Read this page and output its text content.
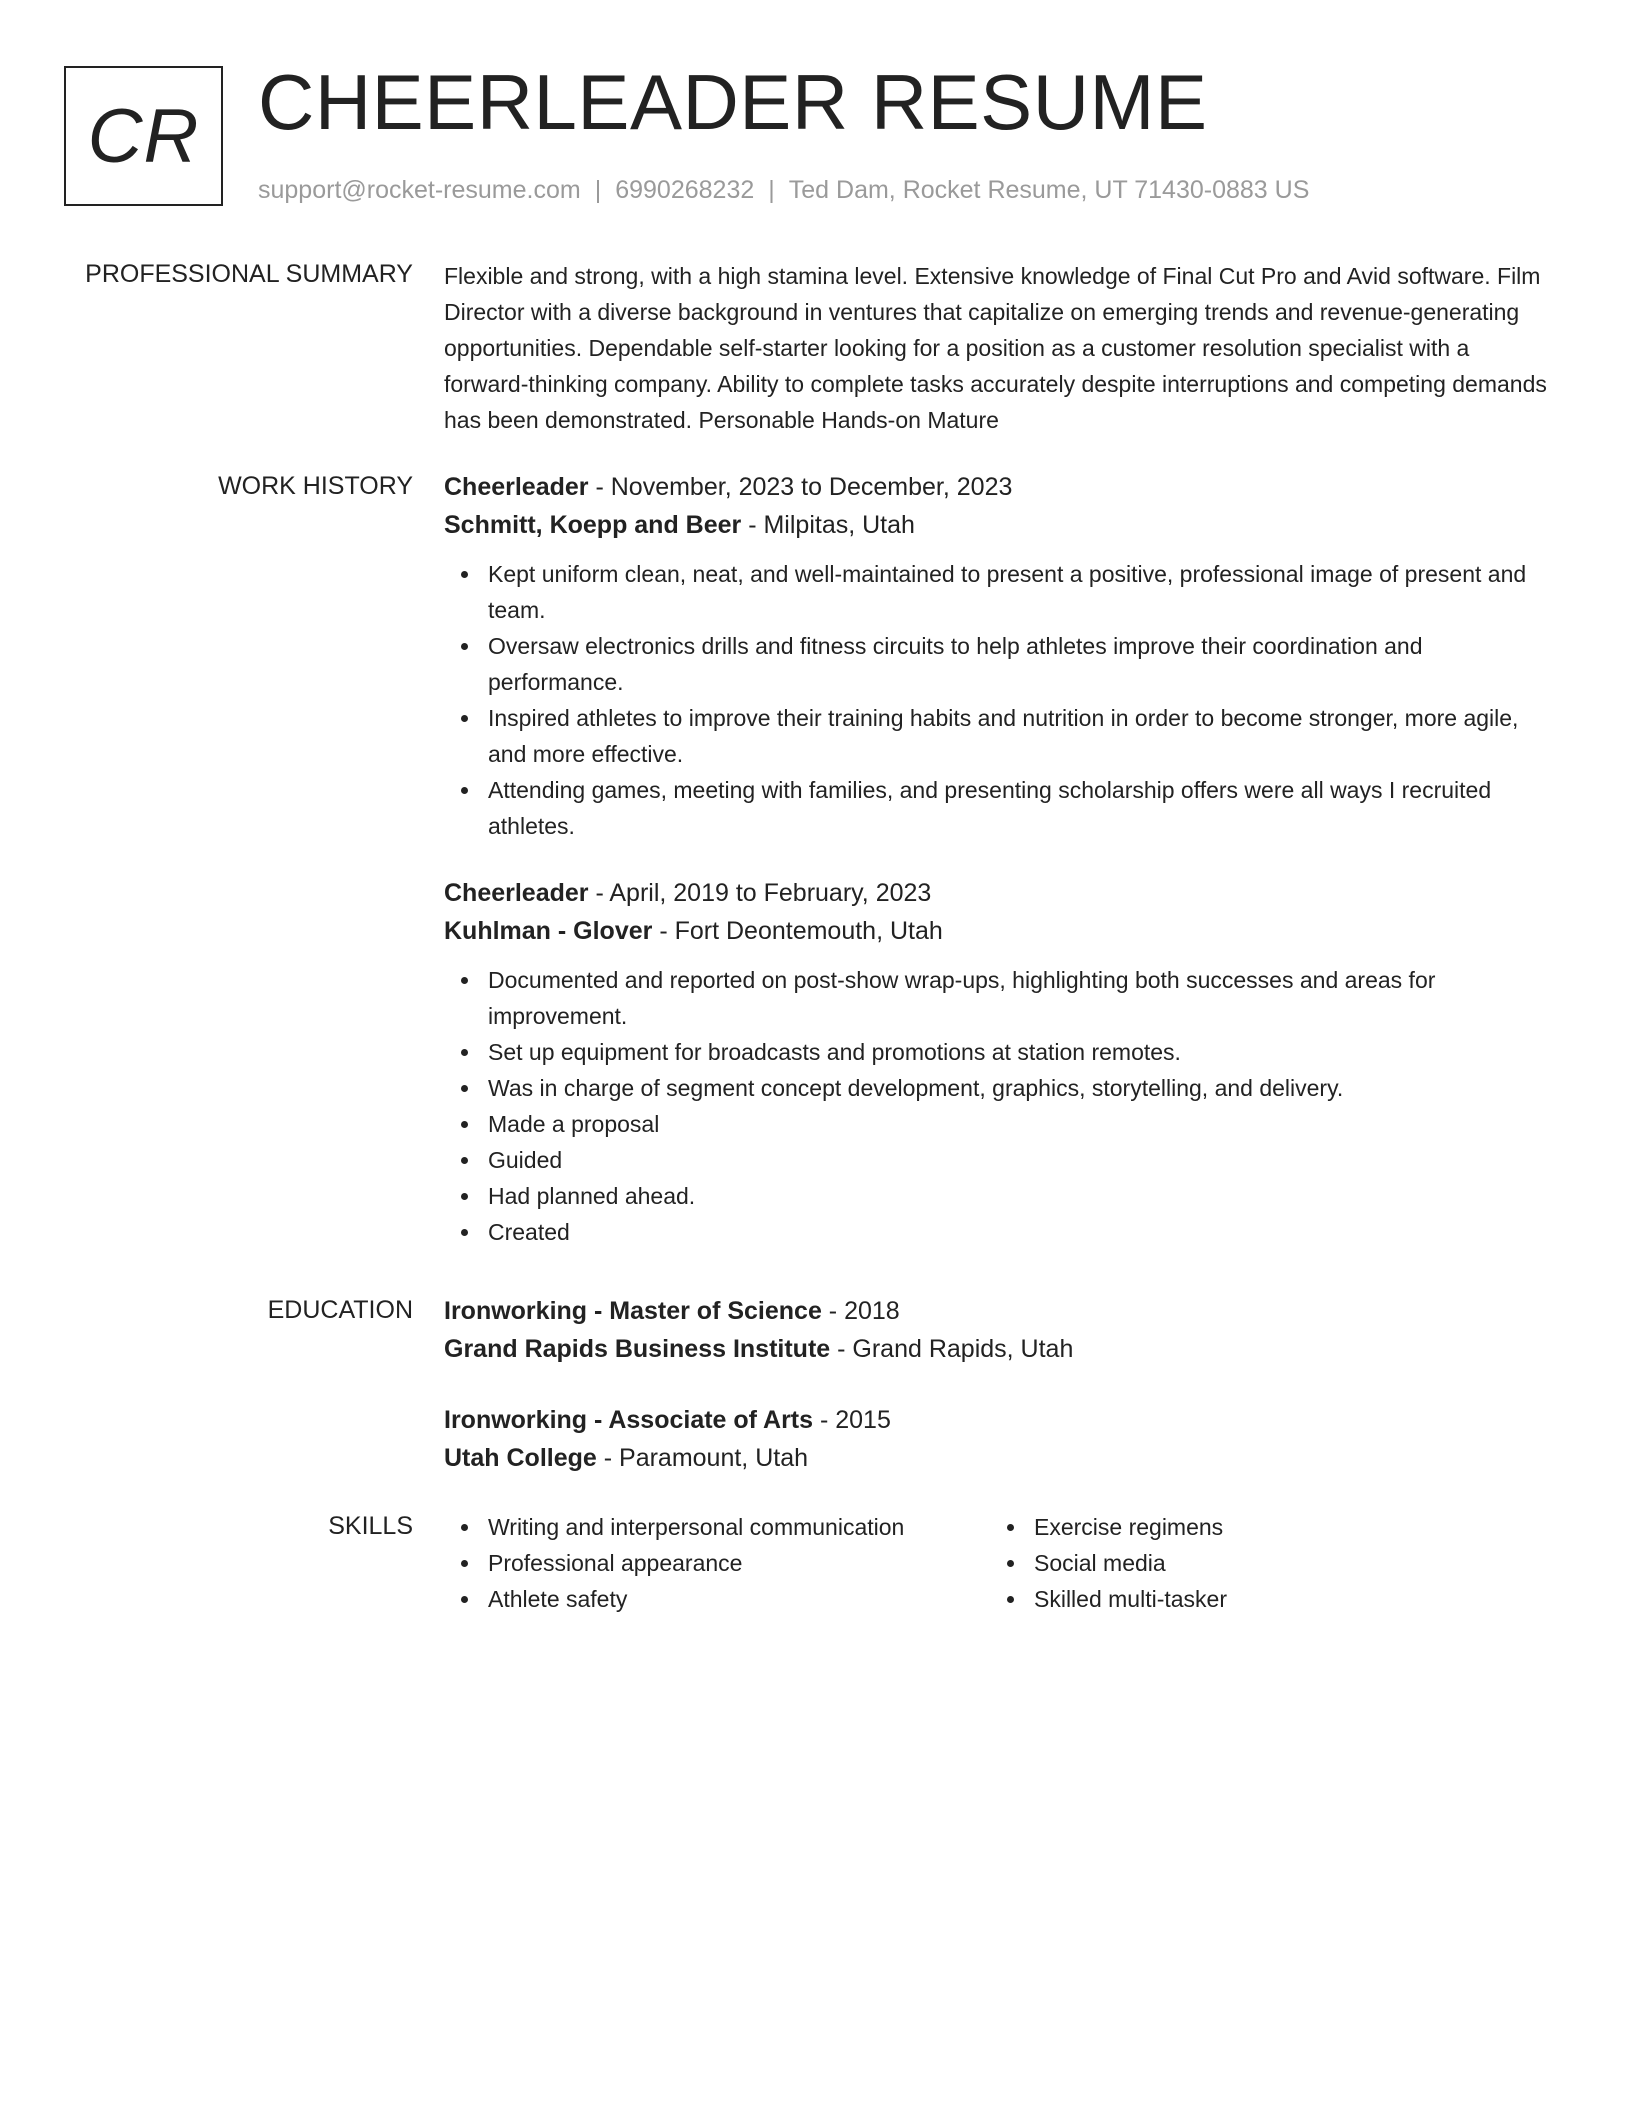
CR CHEERLEADER RESUME
support@rocket-resume.com | 6990268232 | Ted Dam, Rocket Resume, UT 71430-0883 US
PROFESSIONAL SUMMARY Flexible and strong, with a high stamina level. Extensive knowledge of Final Cut Pro and Avid software. Film Director with a diverse background in ventures that capitalize on emerging trends and revenue-generating opportunities. Dependable self-starter looking for a position as a customer resolution specialist with a forward-thinking company. Ability to complete tasks accurately despite interruptions and competing demands has been demonstrated. Personable Hands-on Mature

WORK HISTORY Cheerleader - November, 2023 to December, 2023

Schmitt, Koepp and Beer - Milpitas, Utah

Kept uniform clean, neat, and well-maintained to present a positive, professional image of present and team.
Oversaw electronics drills and fitness circuits to help athletes improve their coordination and performance.
Inspired athletes to improve their training habits and nutrition in order to become stronger, more agile, and more effective.
Attending games, meeting with families, and presenting scholarship offers were all ways I recruited athletes.

Cheerleader - April, 2019 to February, 2023

Kuhlman - Glover - Fort Deontemouth, Utah

Documented and reported on post-show wrap-ups, highlighting both successes and areas for improvement.
Set up equipment for broadcasts and promotions at station remotes.
Was in charge of segment concept development, graphics, storytelling, and delivery.
Made a proposal
Guided
Had planned ahead.
Created
EDUCATION Ironworking - Master of Science - 2018

Grand Rapids Business Institute - Grand Rapids, Utah

Ironworking - Associate of Arts - 2015

Utah College - Paramount, Utah

SKILLS	Writing and interpersonal communication
Professional appearance
Athlete safety
Exercise regimens
Social media
Skilled multi-tasker
